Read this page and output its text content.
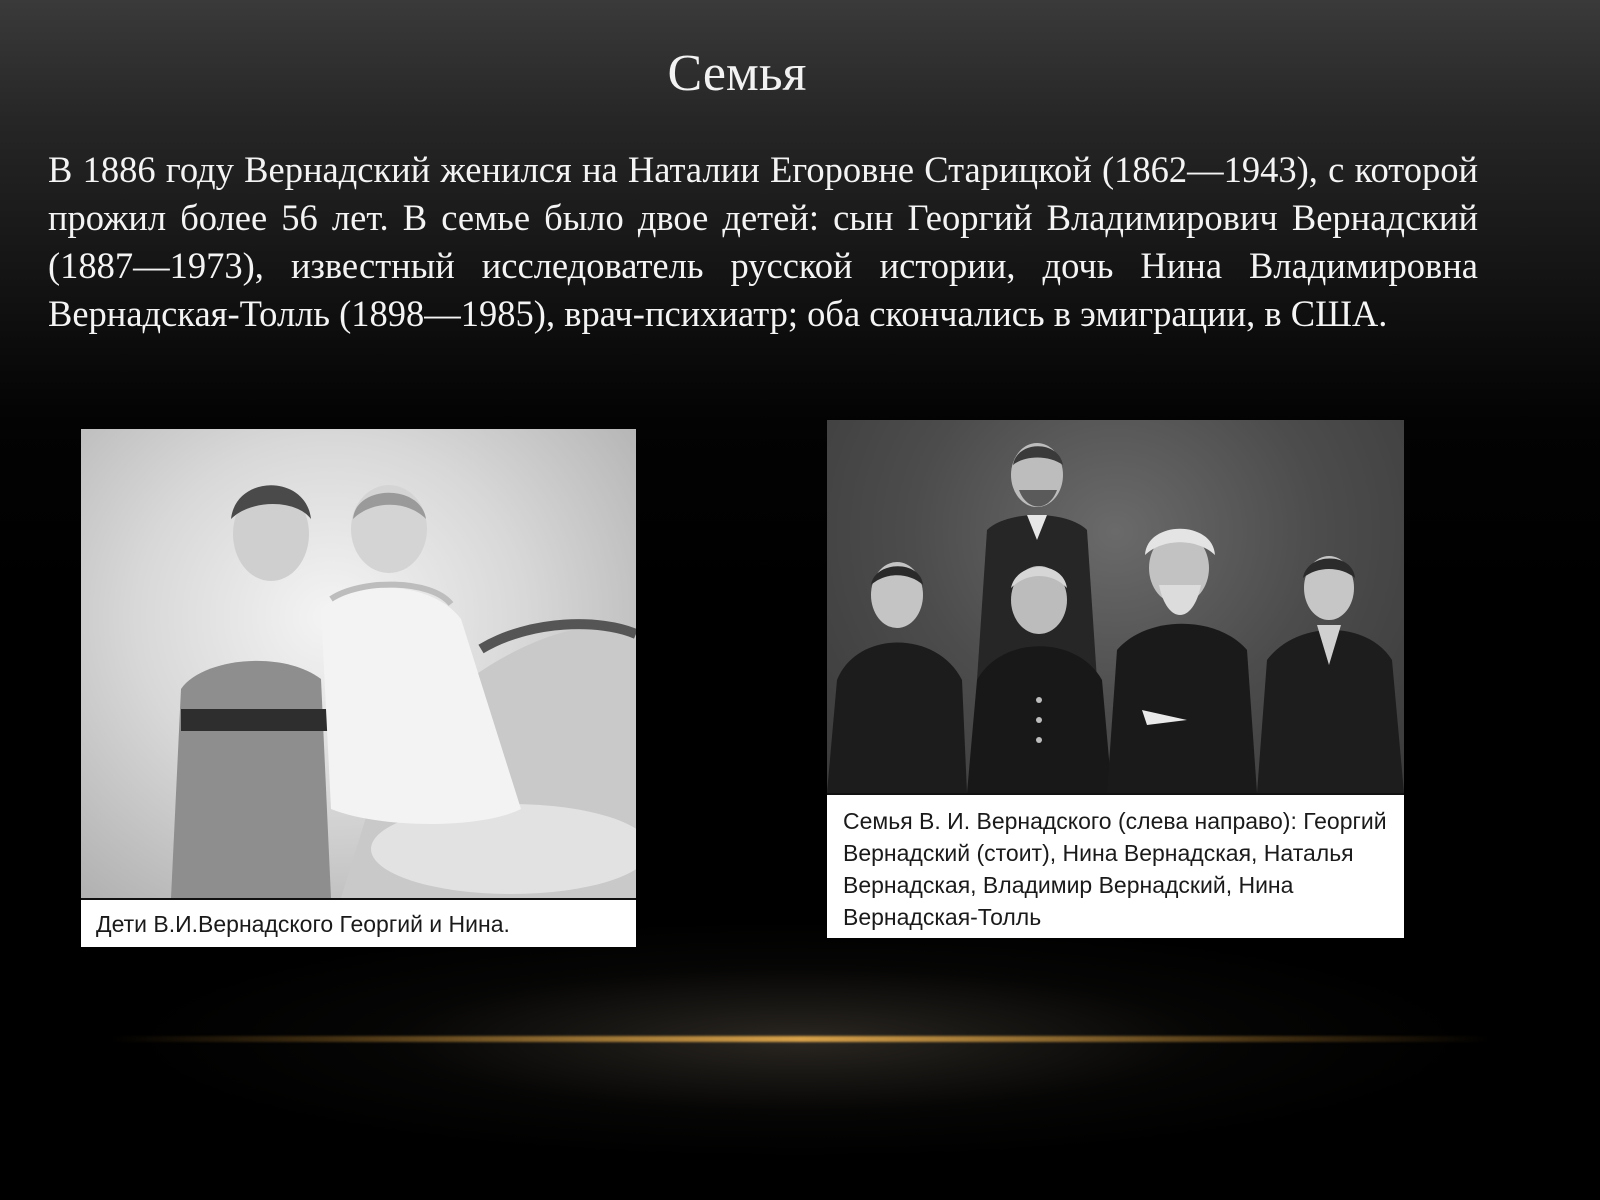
Семья

В 1886 году Вернадский женился на Наталии Егоровне Старицкой (1862—1943), с которой прожил более 56 лет. В семье было двое детей: сын Георгий Владимирович Вернадский (1887—1973), известный исследователь русской истории, дочь Нина Владимировна Вернадская-Толль (1898—1985), врач-психиатр; оба скончались в эмиграции, в США.

Дети В.И.Вернадского Георгий и Нина.
Семья В. И. Вернадского (слева направо): Георгий Вернадский (стоит), Нина Вернадская, Наталья Вернадская, Владимир Вернадский, Нина Вернадская-Толль
